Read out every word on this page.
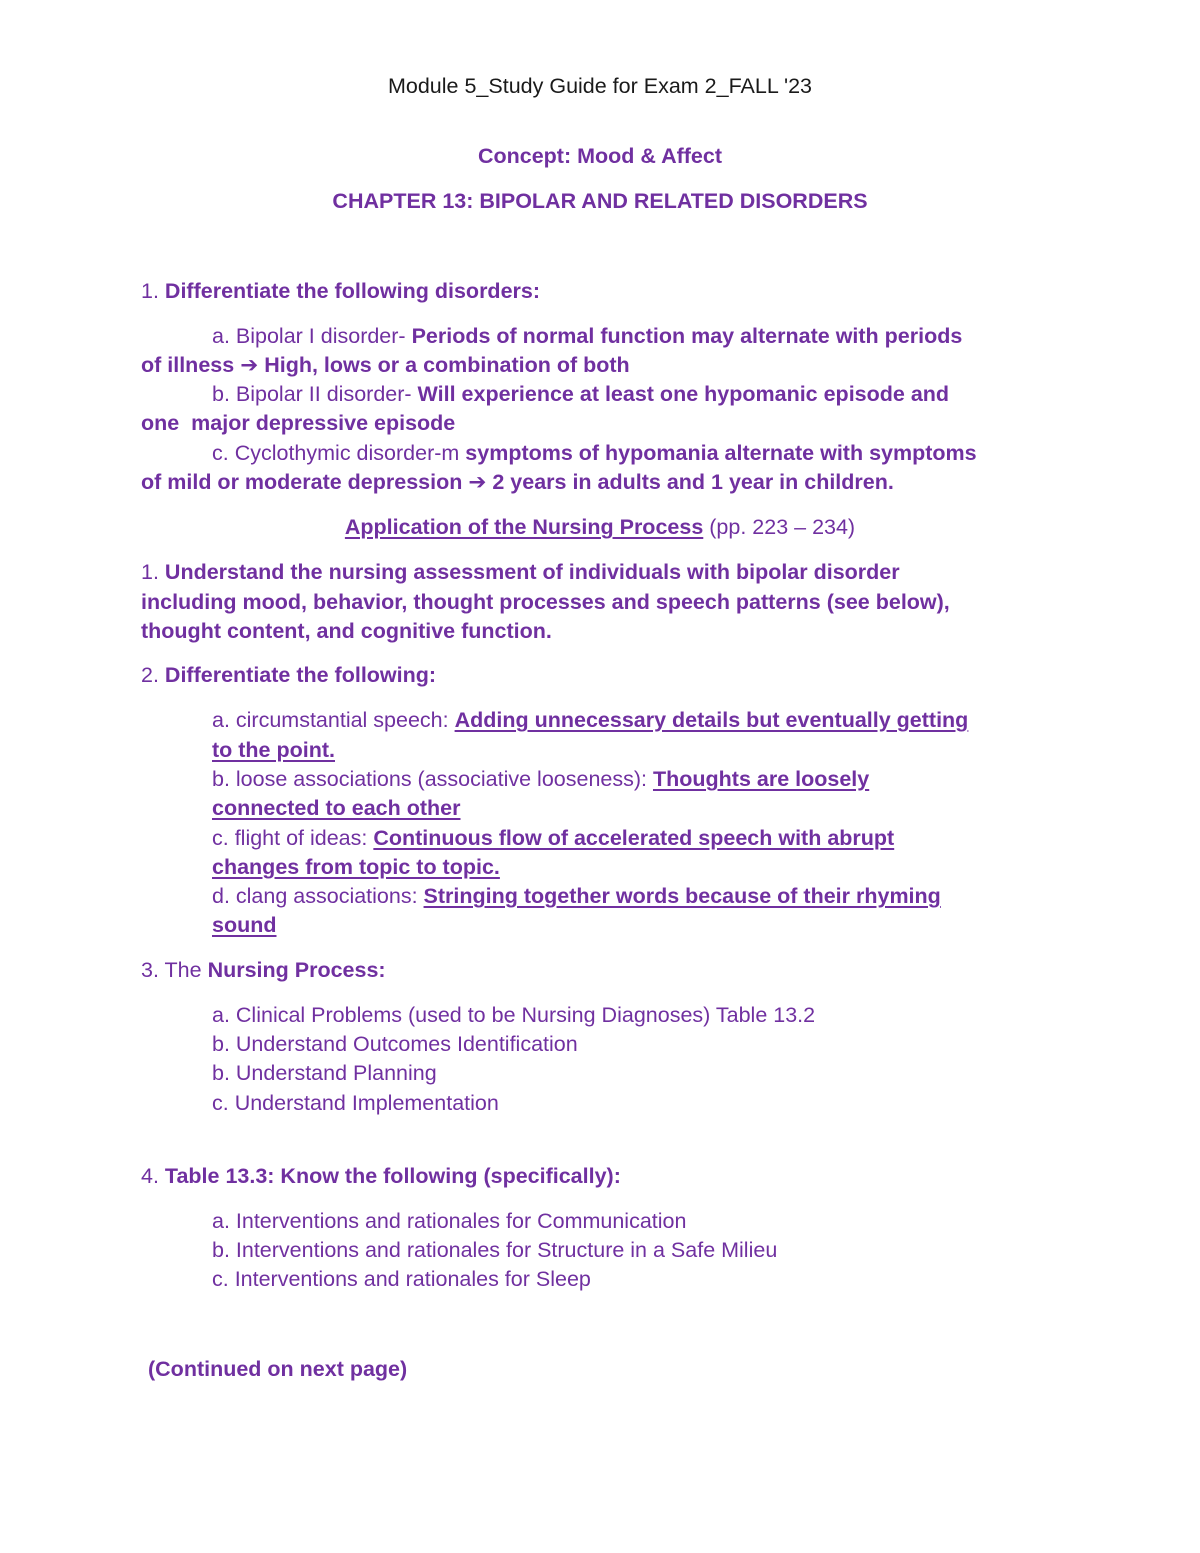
Module 5_Study Guide for Exam 2_FALL '23
Concept: Mood & Affect
CHAPTER 13: BIPOLAR AND RELATED DISORDERS
1. Differentiate the following disorders:
a. Bipolar I disorder- Periods of normal function may alternate with periods
of illness ➔ High, lows or a combination of both
b. Bipolar II disorder- Will experience at least one hypomanic episode and
one  major depressive episode
c. Cyclothymic disorder-m symptoms of hypomania alternate with symptoms
of mild or moderate depression ➔ 2 years in adults and 1 year in children.
Application of the Nursing Process (pp. 223 – 234)
1. Understand the nursing assessment of individuals with bipolar disorder
including mood, behavior, thought processes and speech patterns (see below),
thought content, and cognitive function.
2. Differentiate the following:
a. circumstantial speech: Adding unnecessary details but eventually getting
to the point.
b. loose associations (associative looseness): Thoughts are loosely
connected to each other
c. flight of ideas: Continuous flow of accelerated speech with abrupt
changes from topic to topic.
d. clang associations: Stringing together words because of their rhyming
sound
3. The Nursing Process:
a. Clinical Problems (used to be Nursing Diagnoses) Table 13.2
b. Understand Outcomes Identification
b. Understand Planning
c. Understand Implementation
4. Table 13.3: Know the following (specifically):
a. Interventions and rationales for Communication
b. Interventions and rationales for Structure in a Safe Milieu
c. Interventions and rationales for Sleep
(Continued on next page)
